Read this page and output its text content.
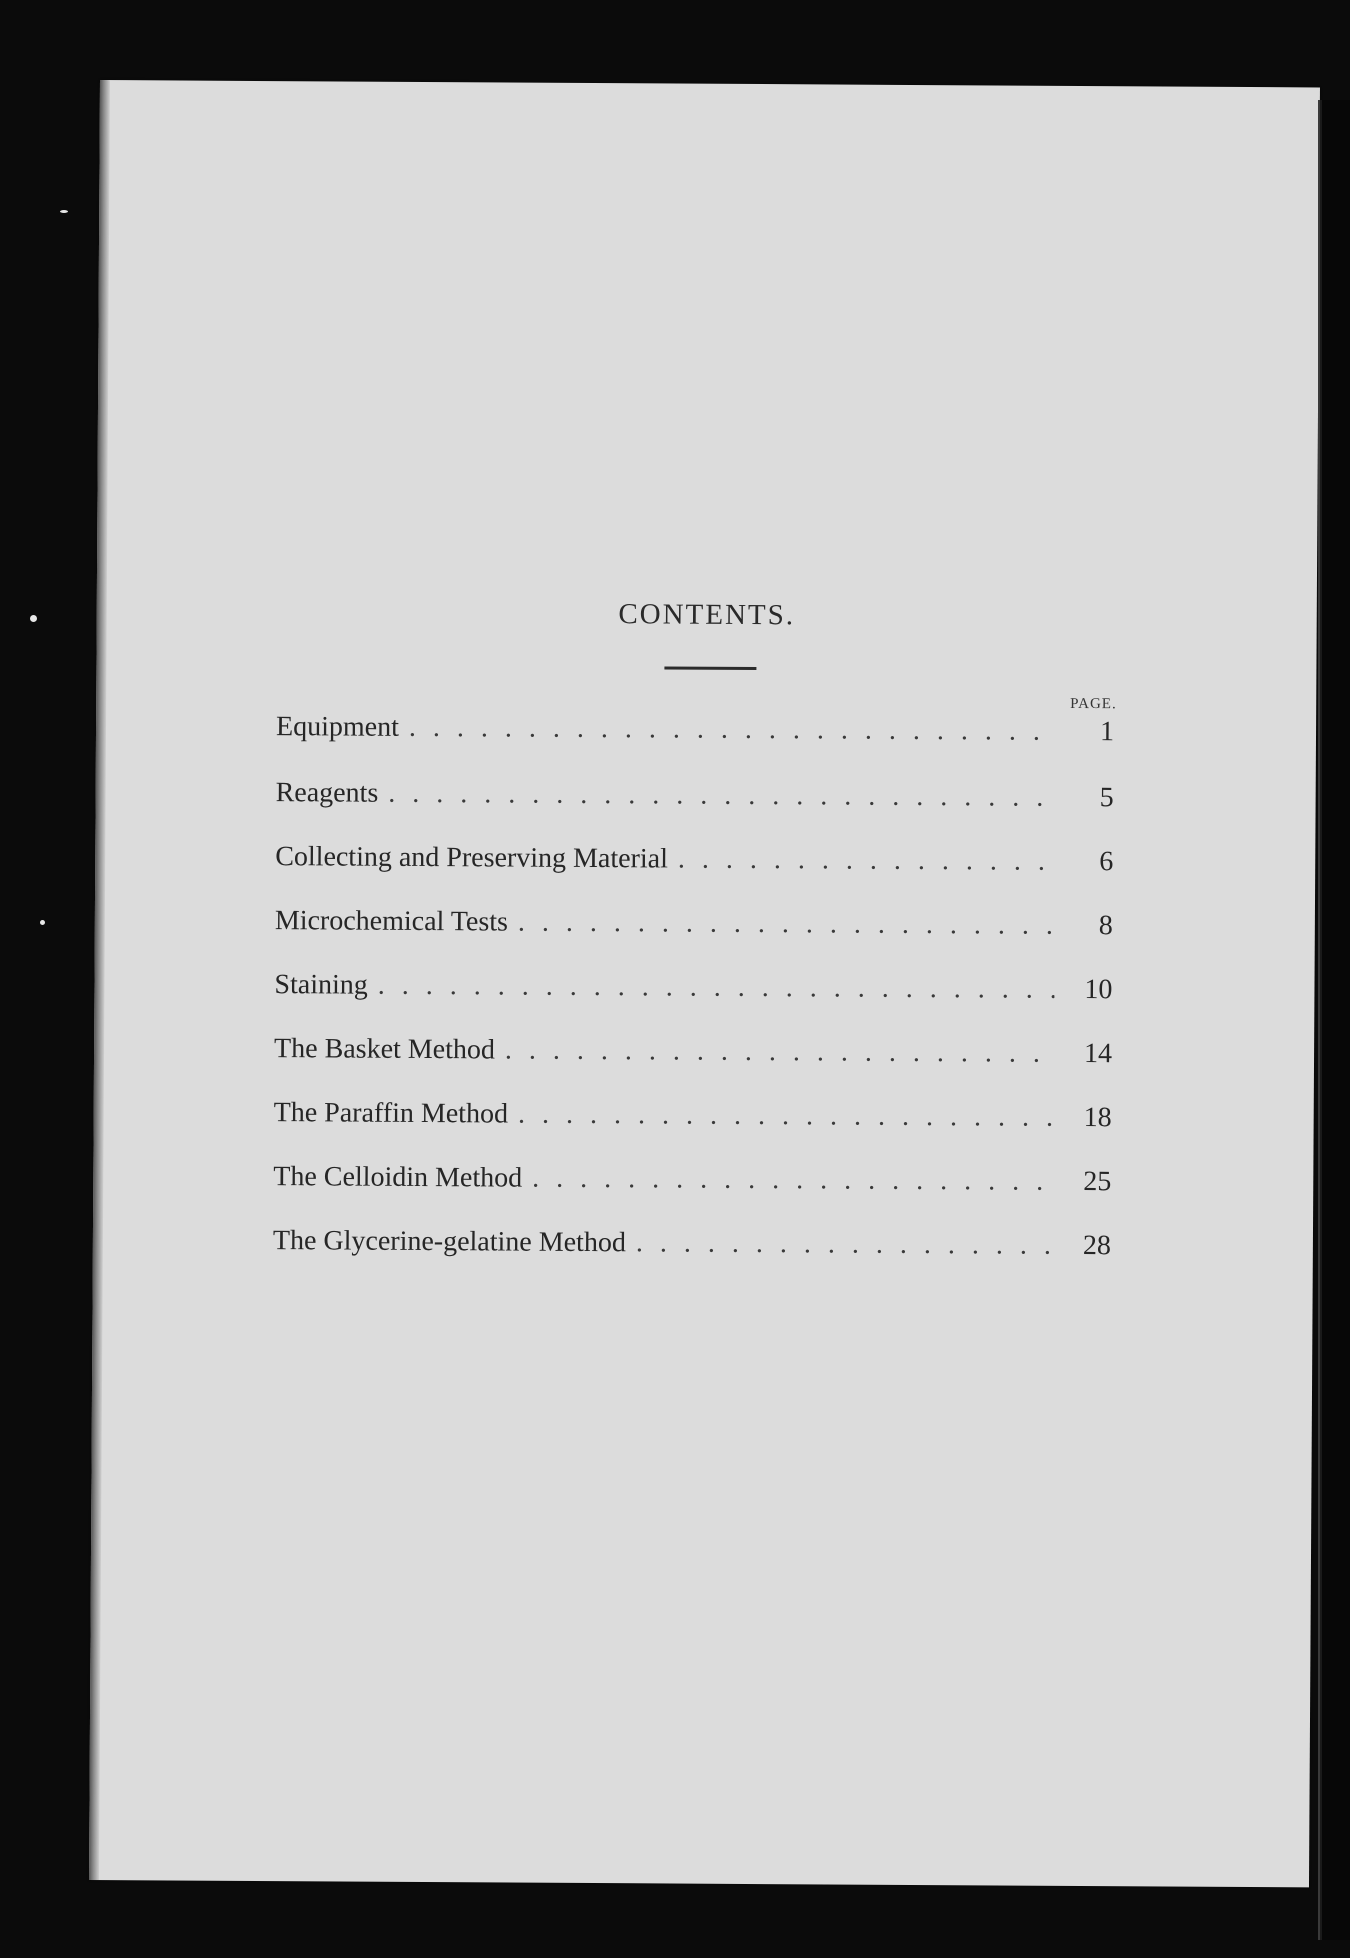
CONTENTS.
PAGE.
Equipment . . .	1
Reagents . . .	5
Collecting and Preserving Material . . .	6
Microchemical Tests . . .	8
Staining . . .	10
The Basket Method . . .	14
The Paraffin Method . . .	18
The Celloidin Method . . .	25
The Glycerine-gelatine Method . . .	28
